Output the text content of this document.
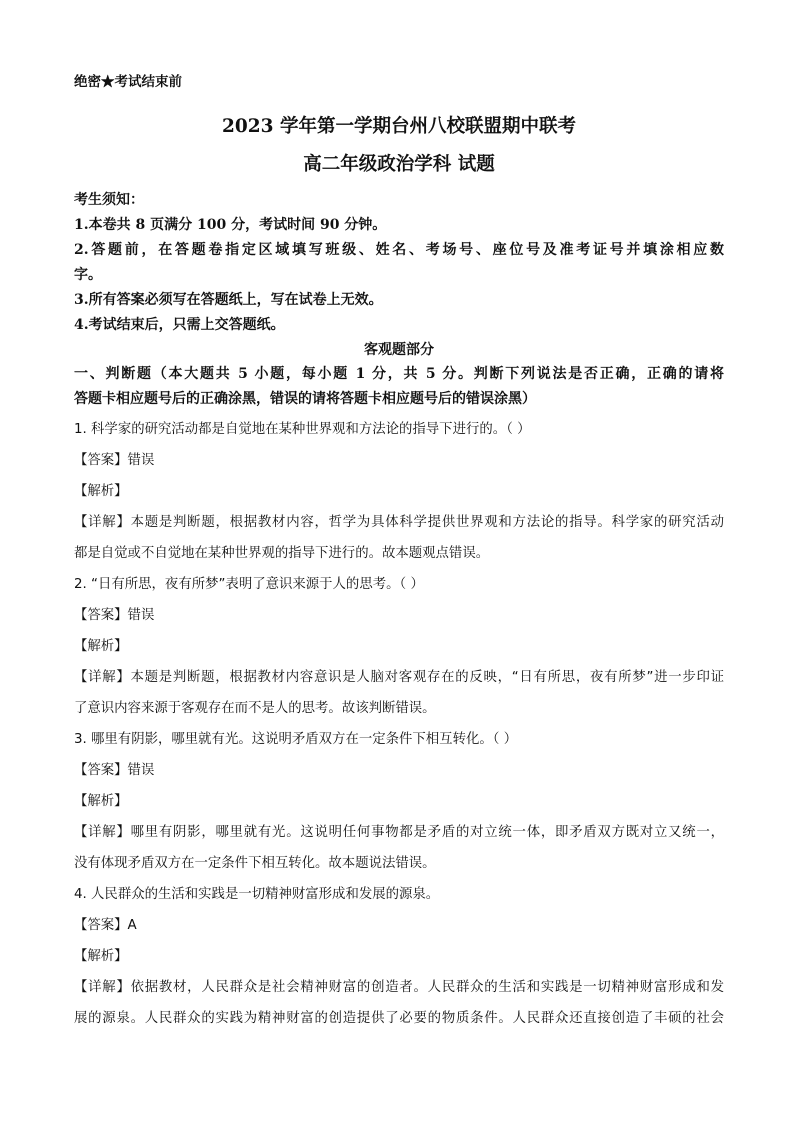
绝密★考试结束前
2023 学年第一学期台州八校联盟期中联考
高二年级政治学科 试题
考生须知：
1.本卷共 8 页满分 100 分，考试时间 90 分钟。
2.答题前，在答题卷指定区域填写班级、姓名、考场号、座位号及准考证号并填涂相应数
字。
3.所有答案必须写在答题纸上，写在试卷上无效。
4.考试结束后，只需上交答题纸。
客观题部分
一、判断题（本大题共 5 小题，每小题 1 分，共 5 分。判断下列说法是否正确，正确的请将
答题卡相应题号后的正确涂黑，错误的请将答题卡相应题号后的错误涂黑）
1. 科学家的研究活动都是自觉地在某种世界观和方法论的指导下进行的。（ ）
【答案】错误
【解析】
【详解】本题是判断题，根据教材内容，哲学为具体科学提供世界观和方法论的指导。科学家的研究活动
都是自觉或不自觉地在某种世界观的指导下进行的。故本题观点错误。
2. “日有所思，夜有所梦”表明了意识来源于人的思考。（ ）
【答案】错误
【解析】
【详解】本题是判断题，根据教材内容意识是人脑对客观存在的反映，“日有所思，夜有所梦”进一步印证
了意识内容来源于客观存在而不是人的思考。故该判断错误。
3. 哪里有阴影，哪里就有光。这说明矛盾双方在一定条件下相互转化。（ ）
【答案】错误
【解析】
【详解】哪里有阴影，哪里就有光。这说明任何事物都是矛盾的对立统一体，即矛盾双方既对立又统一，
没有体现矛盾双方在一定条件下相互转化。故本题说法错误。
4. 人民群众的生活和实践是一切精神财富形成和发展的源泉。
【答案】A
【解析】
【详解】依据教材，人民群众是社会精神财富的创造者。人民群众的生活和实践是一切精神财富形成和发
展的源泉。人民群众的实践为精神财富的创造提供了必要的物质条件。人民群众还直接创造了丰硕的社会
